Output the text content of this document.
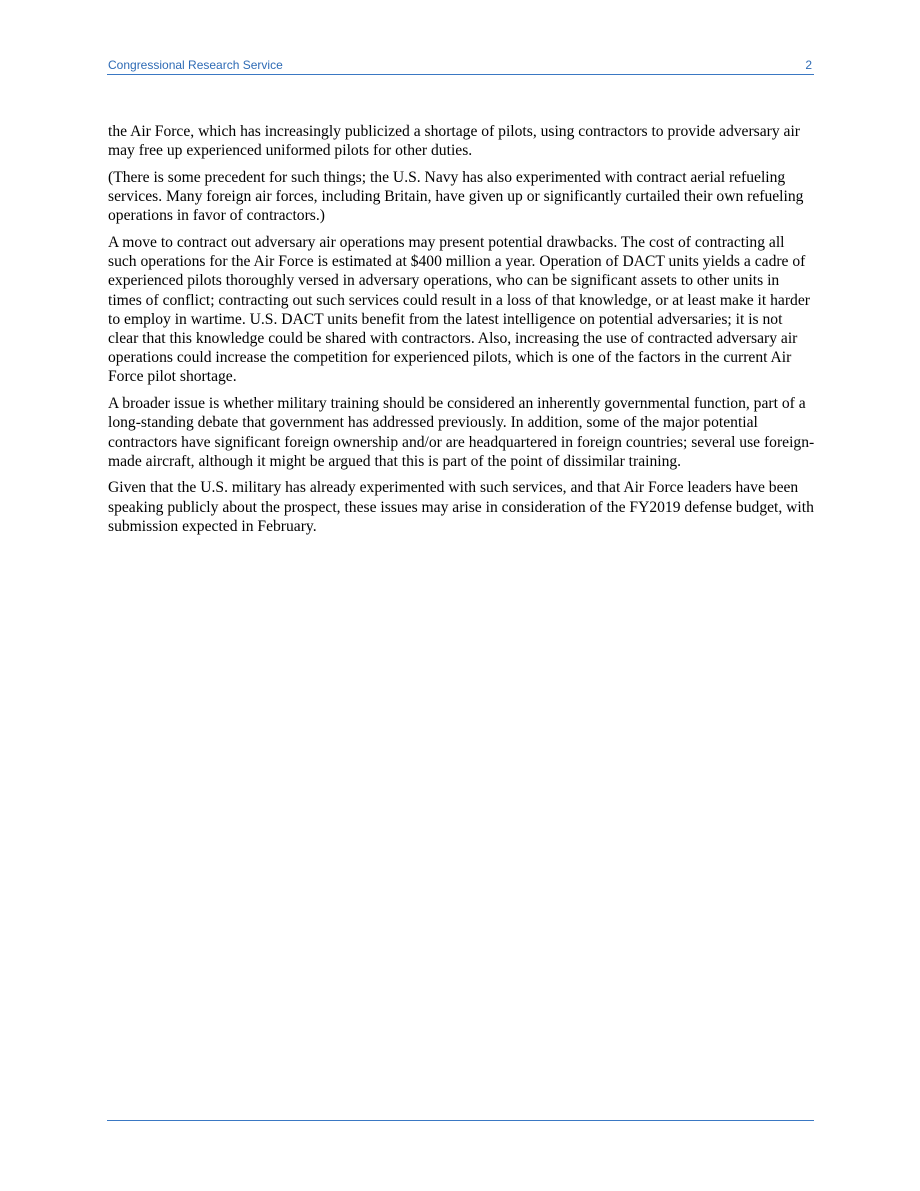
Congressional Research Service	2

the Air Force, which has increasingly publicized a shortage of pilots, using contractors to provide adversary air may free up experienced uniformed pilots for other duties.

(There is some precedent for such things; the U.S. Navy has also experimented with contract aerial refueling services. Many foreign air forces, including Britain, have given up or significantly curtailed their own refueling operations in favor of contractors.)

A move to contract out adversary air operations may present potential drawbacks. The cost of contracting all such operations for the Air Force is estimated at $400 million a year. Operation of DACT units yields a cadre of experienced pilots thoroughly versed in adversary operations, who can be significant assets to other units in times of conflict; contracting out such services could result in a loss of that knowledge, or at least make it harder to employ in wartime. U.S. DACT units benefit from the latest intelligence on potential adversaries; it is not clear that this knowledge could be shared with contractors. Also, increasing the use of contracted adversary air operations could increase the competition for experienced pilots, which is one of the factors in the current Air Force pilot shortage.

A broader issue is whether military training should be considered an inherently governmental function, part of a long-standing debate that government has addressed previously. In addition, some of the major potential contractors have significant foreign ownership and/or are headquartered in foreign countries; several use foreign-made aircraft, although it might be argued that this is part of the point of dissimilar training.

Given that the U.S. military has already experimented with such services, and that Air Force leaders have been speaking publicly about the prospect, these issues may arise in consideration of the FY2019 defense budget, with submission expected in February.
